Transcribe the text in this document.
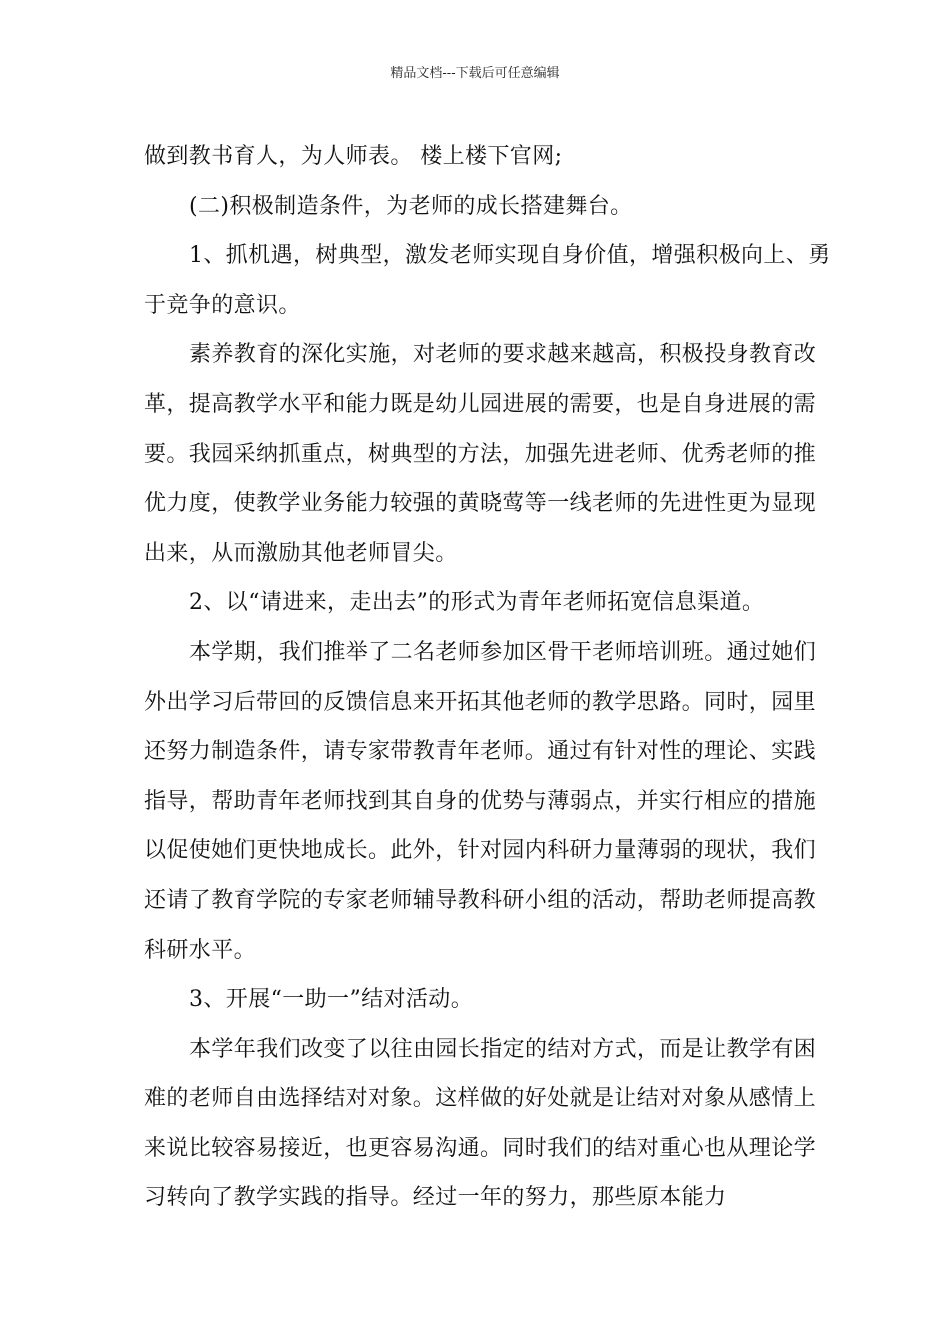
精品文档---下载后可任意编辑

做到教书育人，为人师表。 楼上楼下官网;

(二)积极制造条件，为老师的成长搭建舞台。

1、抓机遇，树典型，激发老师实现自身价值，增强积极向上、勇于竞争的意识。

素养教育的深化实施，对老师的要求越来越高，积极投身教育改革，提高教学水平和能力既是幼儿园进展的需要，也是自身进展的需要。我园采纳抓重点，树典型的方法，加强先进老师、优秀老师的推优力度，使教学业务能力较强的黄晓莺等一线老师的先进性更为显现出来，从而激励其他老师冒尖。

2、以“请进来，走出去”的形式为青年老师拓宽信息渠道。

本学期，我们推举了二名老师参加区骨干老师培训班。通过她们外出学习后带回的反馈信息来开拓其他老师的教学思路。同时，园里还努力制造条件，请专家带教青年老师。通过有针对性的理论、实践指导，帮助青年老师找到其自身的优势与薄弱点，并实行相应的措施以促使她们更快地成长。此外，针对园内科研力量薄弱的现状，我们还请了教育学院的专家老师辅导教科研小组的活动，帮助老师提高教科研水平。

3、开展“一助一”结对活动。

本学年我们改变了以往由园长指定的结对方式，而是让教学有困难的老师自由选择结对对象。这样做的好处就是让结对对象从感情上来说比较容易接近，也更容易沟通。同时我们的结对重心也从理论学习转向了教学实践的指导。经过一年的努力，那些原本能力
